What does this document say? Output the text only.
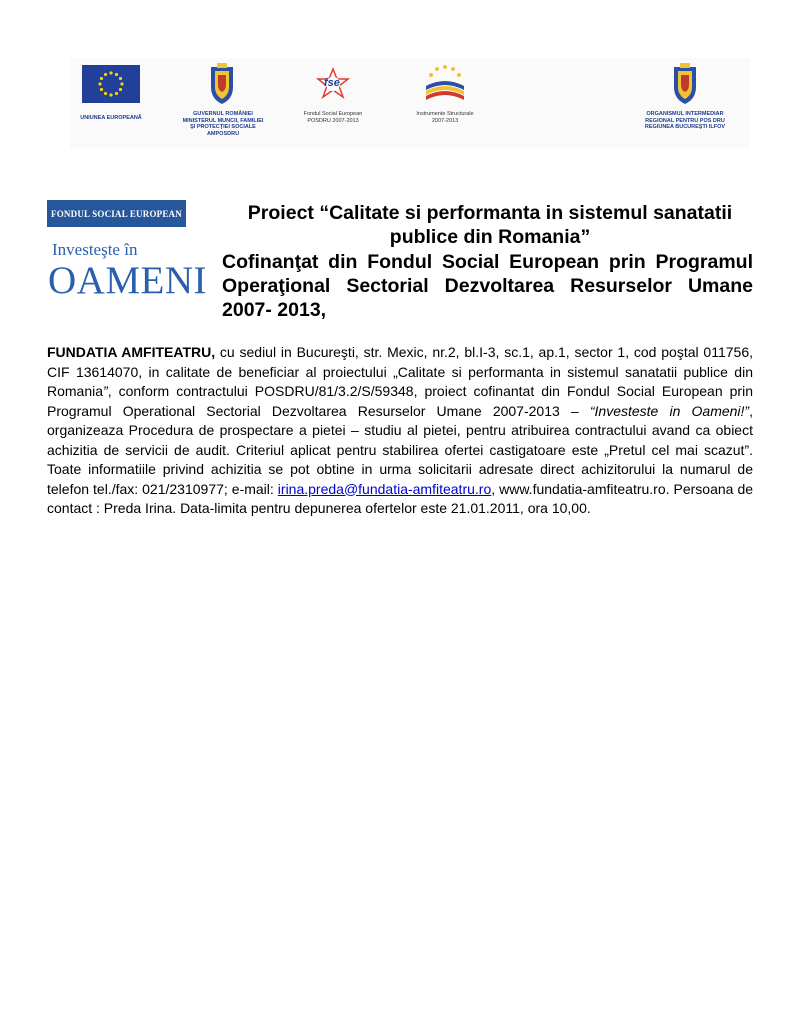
UNIUNEA EUROPEANĂ
GUVERNUL ROMÂNIEI
MINISTERUL MUNCII, FAMILIEI
ŞI PROTECŢIEI SOCIALE
AMPOSDRU
fse
Fondul Social European
POSDRU 2007-2013
Instrumente Structurale
2007-2013
ORGANISMUL INTERMEDIAR
REGIONAL PENTRU POS DRU
REGIUNEA BUCUREŞTI ILFOV
FONDUL SOCIAL EUROPEAN
Investeşte în
OAMENI
Proiect “Calitate si performanta in sistemul sanatatii publice din Romania”
Cofinanţat din Fondul Social European prin Programul Operaţional Sectorial Dezvoltarea Resurselor Umane 2007- 2013,
FUNDATIA AMFITEATRU, cu sediul in Bucureşti, str. Mexic, nr.2, bl.I-3, sc.1, ap.1, sector 1, cod poştal 011756, CIF 13614070, in calitate de beneficiar al proiectului „Calitate si performanta in sistemul sanatatii publice din Romania”, conform contractului POSDRU/81/3.2/S/59348, proiect cofinantat din Fondul Social European prin Programul Operational Sectorial Dezvoltarea Resurselor Umane 2007-2013 – “Investeste in Oameni!”, organizeaza Procedura de prospectare a pietei – studiu al pietei, pentru atribuirea contractului avand ca obiect achizitia de servicii de audit. Criteriul aplicat pentru stabilirea ofertei castigatoare este „Pretul cel mai scazut”. Toate informatiile privind achizitia se pot obtine in urma solicitarii adresate direct achizitorului la numarul de telefon tel./fax: 021/2310977; e-mail: irina.preda@fundatia-amfiteatru.ro, www.fundatia-amfiteatru.ro. Persoana de contact : Preda Irina. Data-limita pentru depunerea ofertelor este 21.01.2011, ora 10,00.
